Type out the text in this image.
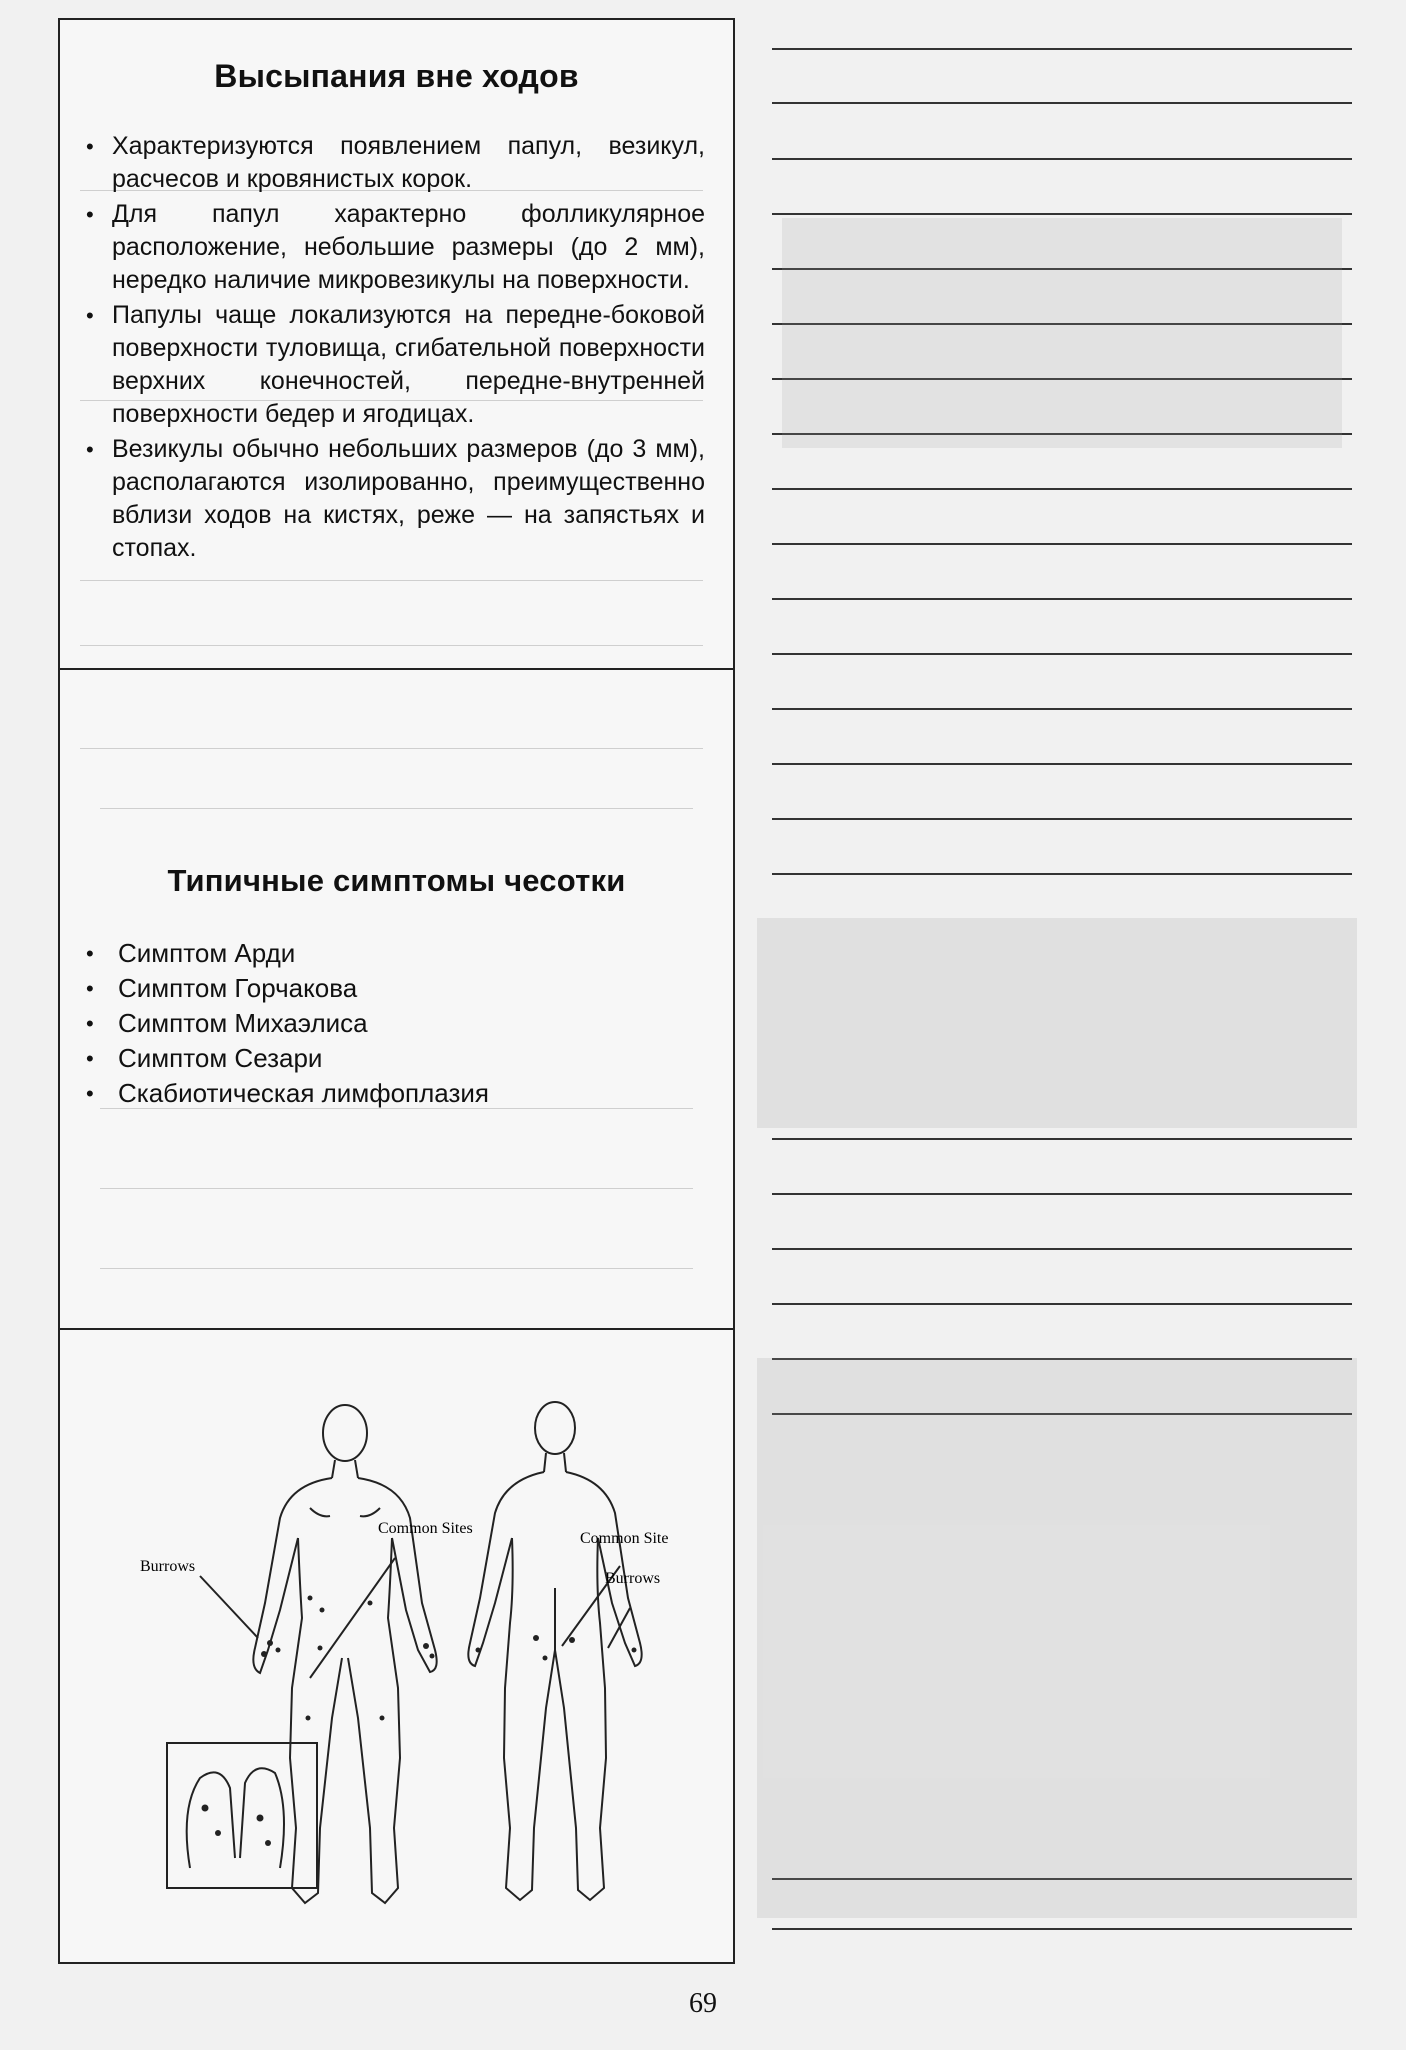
Высыпания вне ходов
• Характеризуются появлением папул, везикул, расчесов и кровянистых корок.
• Для папул характерно фолликулярное расположение, небольшие размеры (до 2 мм), нередко наличие микровезикулы на поверхности.
• Папулы чаще локализуются на передне-боковой поверхности туловища, сгибательной поверхности верхних конечностей, передне-внутренней поверхности бедер и ягодицах.
• Везикулы обычно небольших размеров (до 3 мм), располагаются изолированно, преимущественно вблизи ходов на кистях, реже — на запястьях и стопах.
Типичные симптомы чесотки
• Симптом Арди
• Симптом Горчакова
• Симптом Михаэлиса
• Симптом Сезари
• Скабиотическая лимфоплазия
Burrows
Common Sites
Common Site
Burrows
69
